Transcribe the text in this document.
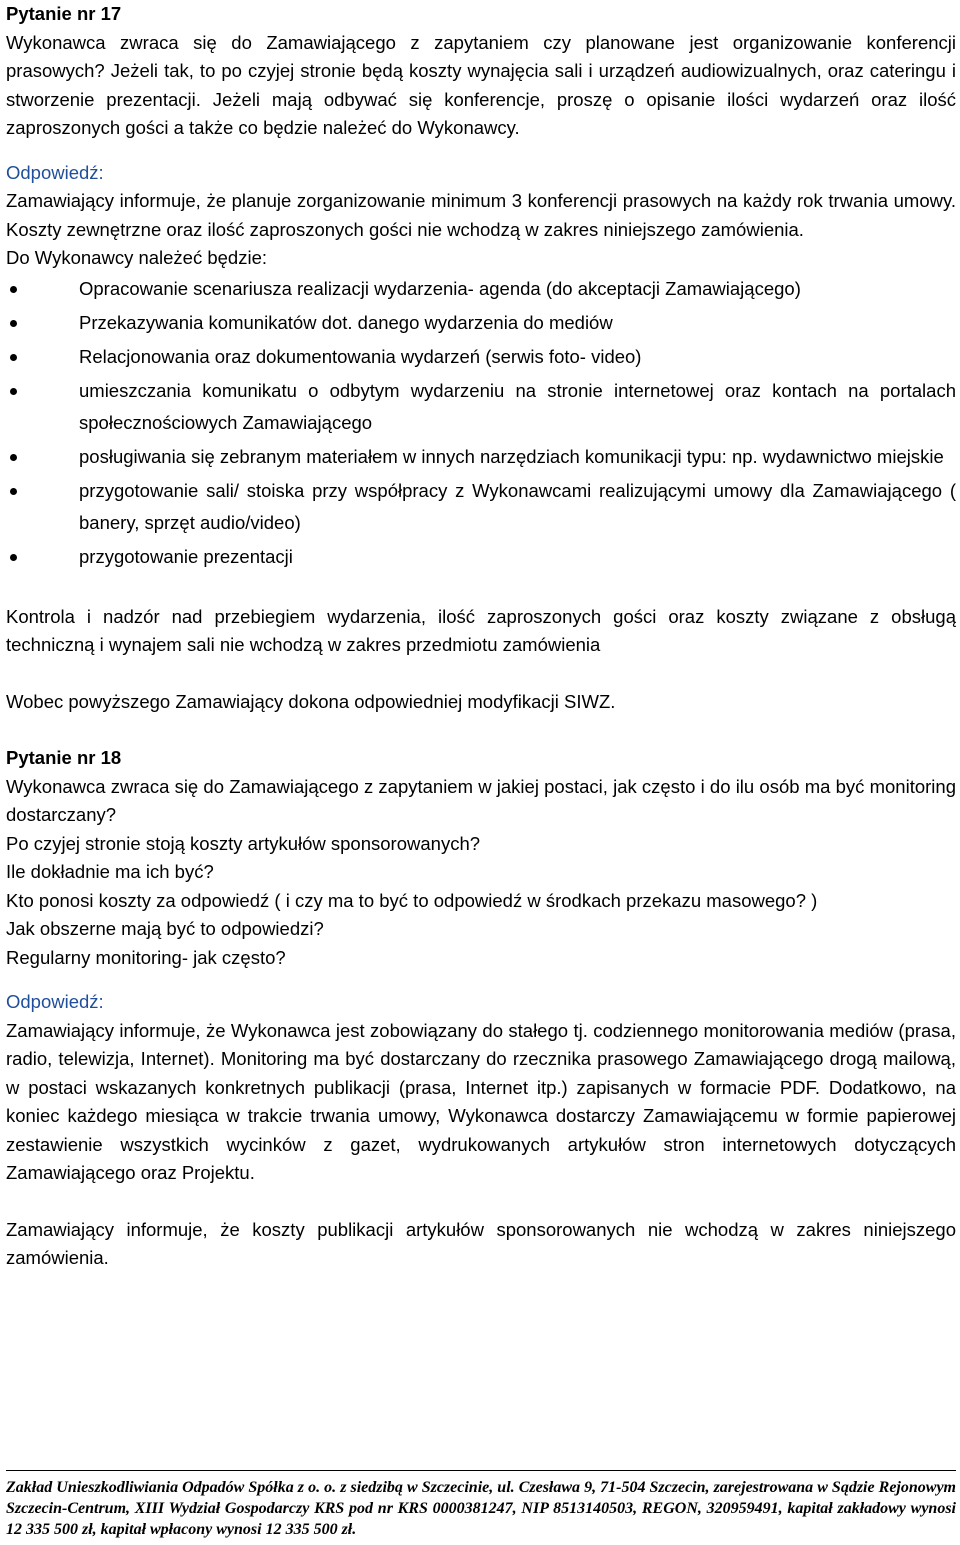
Pytanie nr 17

Wykonawca zwraca się do Zamawiającego z zapytaniem czy planowane jest organizowanie konferencji prasowych? Jeżeli tak, to po czyjej stronie będą koszty wynajęcia sali i urządzeń audiowizualnych, oraz cateringu i stworzenie prezentacji. Jeżeli mają odbywać się konferencje, proszę o opisanie ilości wydarzeń oraz ilość zaproszonych gości a także co będzie należeć do Wykonawcy.

Odpowiedź:

Zamawiający informuje, że planuje zorganizowanie minimum 3 konferencji prasowych na każdy rok trwania umowy. Koszty zewnętrzne oraz ilość zaproszonych gości nie wchodzą w zakres niniejszego zamówienia.

Do Wykonawcy należeć będzie:

Opracowanie scenariusza realizacji wydarzenia- agenda (do akceptacji Zamawiającego)
Przekazywania komunikatów dot. danego wydarzenia do mediów
Relacjonowania oraz dokumentowania wydarzeń (serwis foto- video)
umieszczania komunikatu o odbytym wydarzeniu na stronie internetowej oraz kontach na portalach społecznościowych Zamawiającego
posługiwania się zebranym materiałem w innych narzędziach komunikacji typu: np. wydawnictwo miejskie
przygotowanie sali/ stoiska przy współpracy z Wykonawcami realizującymi umowy dla Zamawiającego ( banery, sprzęt audio/video)
przygotowanie prezentacji

Kontrola i nadzór nad przebiegiem wydarzenia, ilość zaproszonych gości oraz koszty związane z obsługą techniczną i wynajem sali nie wchodzą w zakres przedmiotu zamówienia

Wobec powyższego Zamawiający dokona odpowiedniej modyfikacji SIWZ.

Pytanie nr 18

Wykonawca zwraca się do Zamawiającego z zapytaniem w jakiej postaci, jak często i do ilu osób ma być monitoring dostarczany?

Po czyjej stronie stoją koszty artykułów sponsorowanych?

Ile dokładnie ma ich być?

Kto ponosi koszty za odpowiedź ( i czy ma to być to odpowiedź w środkach przekazu masowego? )

Jak obszerne mają być to odpowiedzi?

Regularny monitoring- jak często?

Odpowiedź:

Zamawiający informuje, że Wykonawca jest zobowiązany do stałego tj. codziennego monitorowania mediów (prasa, radio, telewizja, Internet). Monitoring ma być dostarczany do rzecznika prasowego Zamawiającego drogą mailową, w postaci wskazanych konkretnych publikacji (prasa, Internet itp.) zapisanych w formacie PDF. Dodatkowo, na koniec każdego miesiąca w trakcie trwania umowy, Wykonawca dostarczy Zamawiającemu w formie papierowej zestawienie wszystkich wycinków z gazet, wydrukowanych artykułów stron internetowych dotyczących Zamawiającego oraz Projektu.

Zamawiający informuje, że koszty publikacji artykułów sponsorowanych nie wchodzą w zakres niniejszego zamówienia.

Zakład Unieszkodliwiania Odpadów Spółka z o. o. z siedzibą w Szczecinie, ul. Czesława 9, 71-504 Szczecin, zarejestrowana w Sądzie Rejonowym Szczecin-Centrum, XIII Wydział Gospodarczy KRS pod nr KRS 0000381247, NIP 8513140503, REGON, 320959491, kapitał zakładowy wynosi 12 335 500 zł, kapitał wpłacony wynosi 12 335 500 zł.
